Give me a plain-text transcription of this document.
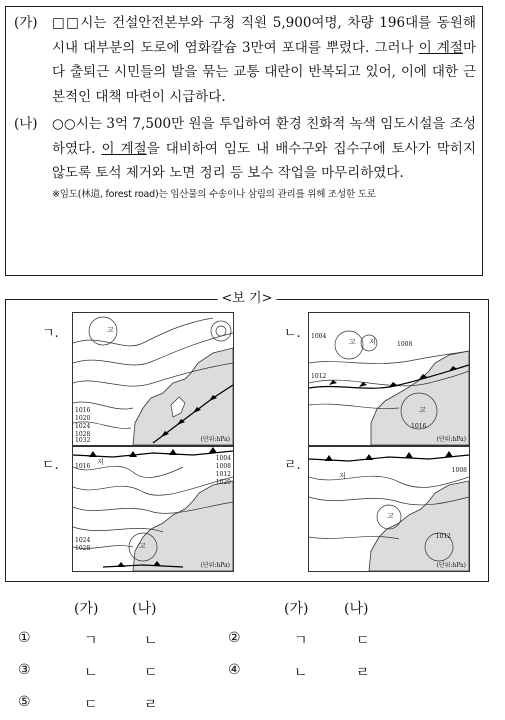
(가) □□시는 건설안전본부와 구청 직원 5,900여명, 차량 196대를 동원해 시내 대부분의 도로에 염화칼슘 3만여 포대를 뿌렸다. 그러나 이 계절마다 출퇴근 시민들의 발을 묶는 교통 대란이 반복되고 있어, 이에 대한 근본적인 대책 마련이 시급하다.
(나) ○○시는 3억 7,500만 원을 투입하여 환경 친화적 녹색 임도시설을 조성하였다. 이 계절을 대비하여 임도 내 배수구와 집수구에 토사가 막히지 않도록 토석 제거와 노면 정리 등 보수 작업을 마무리하였다.
※임도(林道, forest road)는 임산물의 수송이나 삼림의 관리를 위해 조성한 도로
<보 기>
ㄱ.	고
1016
1020
1024
1028
1032	(단위:hPa)
ㄴ.
고 저
고
1004
1008
1012
1016
(단위:hPa)
ㄷ.	저
고
1004
1008
1012
1016
1020
1024
1028
(단위:hPa)
ㄹ.
고
저
1008
1012
(단위:hPa)
(가) (나)	(가)	(나)
①	ㄱ	ㄴ	②	ㄱ	ㄷ
③	ㄴ	ㄷ	④	ㄴ	ㄹ
⑤	ㄷ	ㄹ
